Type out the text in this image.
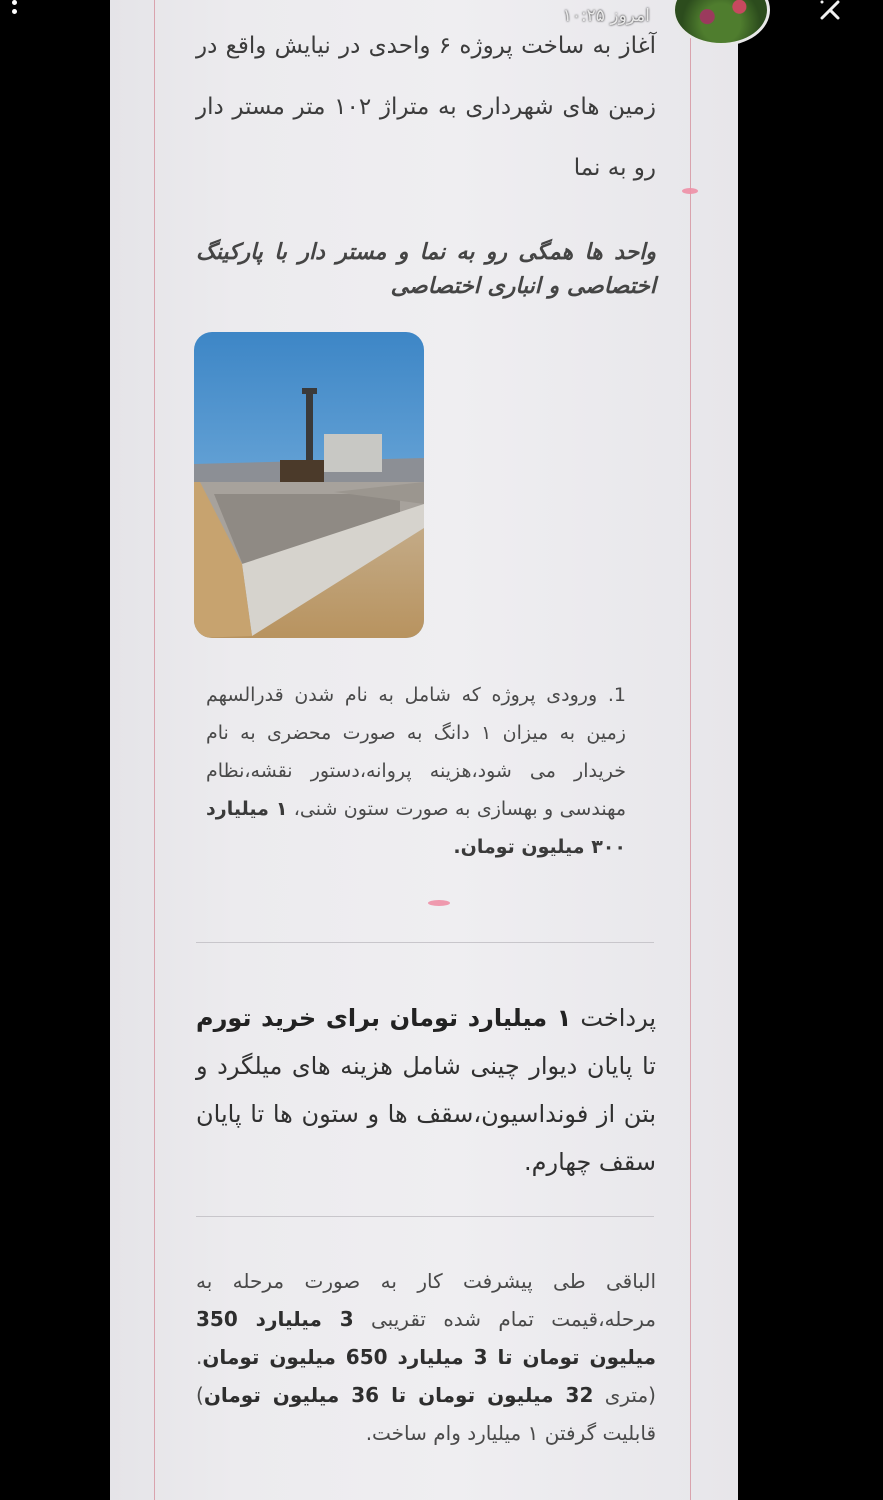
آغاز به ساخت پروژه ۶ واحدی در نیایش واقع در زمین های شهرداری به متراژ ۱۰۲ متر مستر دار رو به نما
واحد ها همگی رو به نما و مستر دار با پارکینگ اختصاصی و انباری اختصاصی
1. ورودی پروژه که شامل به نام شدن قدرالسهم زمین به میزان ۱ دانگ به صورت محضری به نام خریدار می شود،هزینه پروانه،دستور نقشه،نظام مهندسی و بهسازی به صورت ستون شنی، ۱ میلیارد ۳۰۰ میلیون تومان.
پرداخت ۱ میلیارد تومان برای خرید تورم تا پایان دیوار چینی شامل هزینه های میلگرد و بتن از فونداسیون،سقف ها و ستون ها تا پایان سقف چهارم.
الباقی طی پیشرفت کار به صورت مرحله به مرحله،قیمت تمام شده تقریبی 3 میلیارد 350 میلیون تومان تا 3 میلیارد 650 میلیون تومان.(متری 32 میلیون تومان تا 36 میلیون تومان) قابلیت گرفتن ۱ میلیارد وام ساخت.
امروز ۱۰:۲۵
